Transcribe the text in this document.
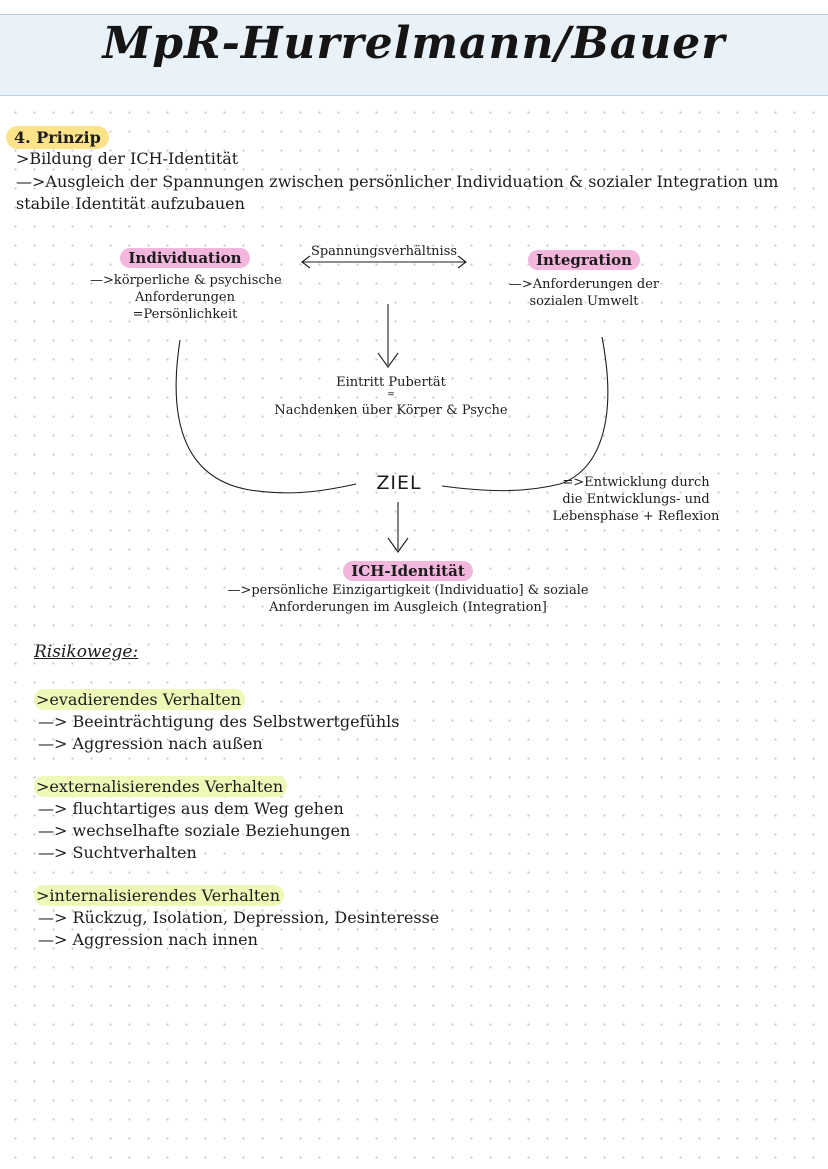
MpR-Hurrelmann/Bauer
4. Prinzip
>Bildung der ICH-Identität
—>Ausgleich der Spannungen zwischen persönlicher Individuation & sozialer Integration um
stabile Identität aufzubauen
Individuation
—>körperliche & psychische
Anforderungen
=Persönlichkeit
Spannungsverhältniss	Integration
—>Anforderungen der
sozialen Umwelt
Eintritt Pubertät
=
Nachdenken über Körper & Psyche
ZIEL	=>Entwicklung durch
die Entwicklungs- und
Lebensphase + Reflexion
ICH-Identität
—>persönliche Einzigartigkeit (Individuatio] & soziale
Anforderungen im Ausgleich (Integration]
Risikowege:
>evadierendes Verhalten
—> Beeinträchtigung des Selbstwertgefühls
—> Aggression nach außen
>externalisierendes Verhalten
—> fluchtartiges aus dem Weg gehen
—> wechselhafte soziale Beziehungen
—> Suchtverhalten
>internalisierendes Verhalten
—> Rückzug, Isolation, Depression, Desinteresse
—> Aggression nach innen
